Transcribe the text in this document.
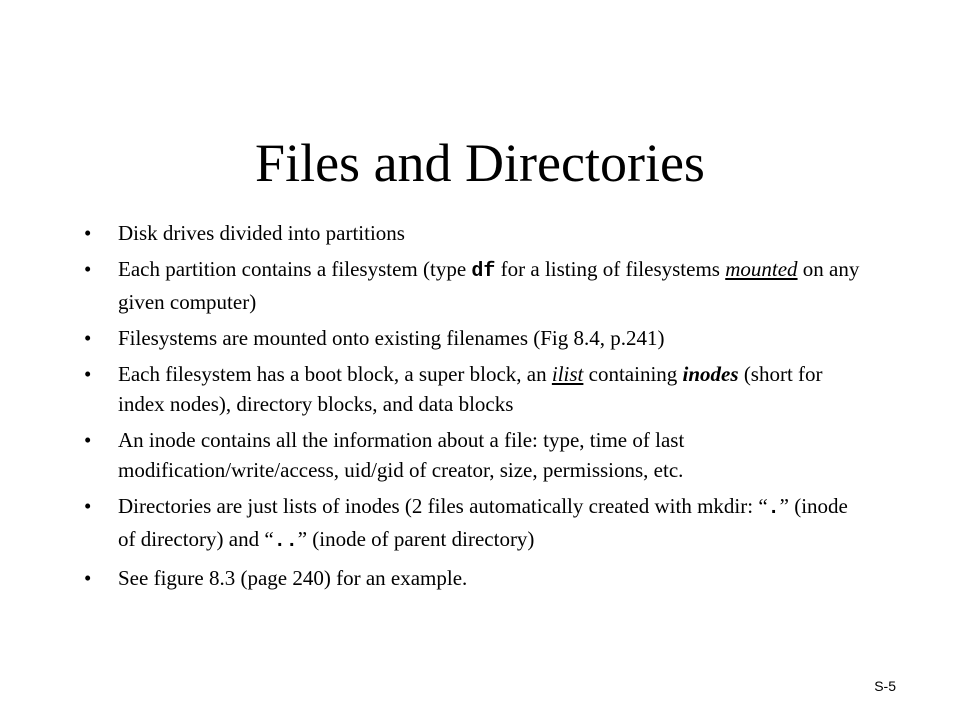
Files and Directories
• Disk drives divided into partitions
• Each partition contains a filesystem (type df for a listing of filesystems mounted on any given computer)
• Filesystems are mounted onto existing filenames (Fig 8.4, p.241)
• Each filesystem has a boot block, a super block, an ilist containing inodes (short for index nodes), directory blocks, and data blocks
• An inode contains all the information about a file: type, time of last modification/write/access, uid/gid of creator, size, permissions, etc.
• Directories are just lists of inodes (2 files automatically created with mkdir: “.” (inode of directory) and “..” (inode of parent directory)
• See figure 8.3 (page 240) for an example.
S-5
